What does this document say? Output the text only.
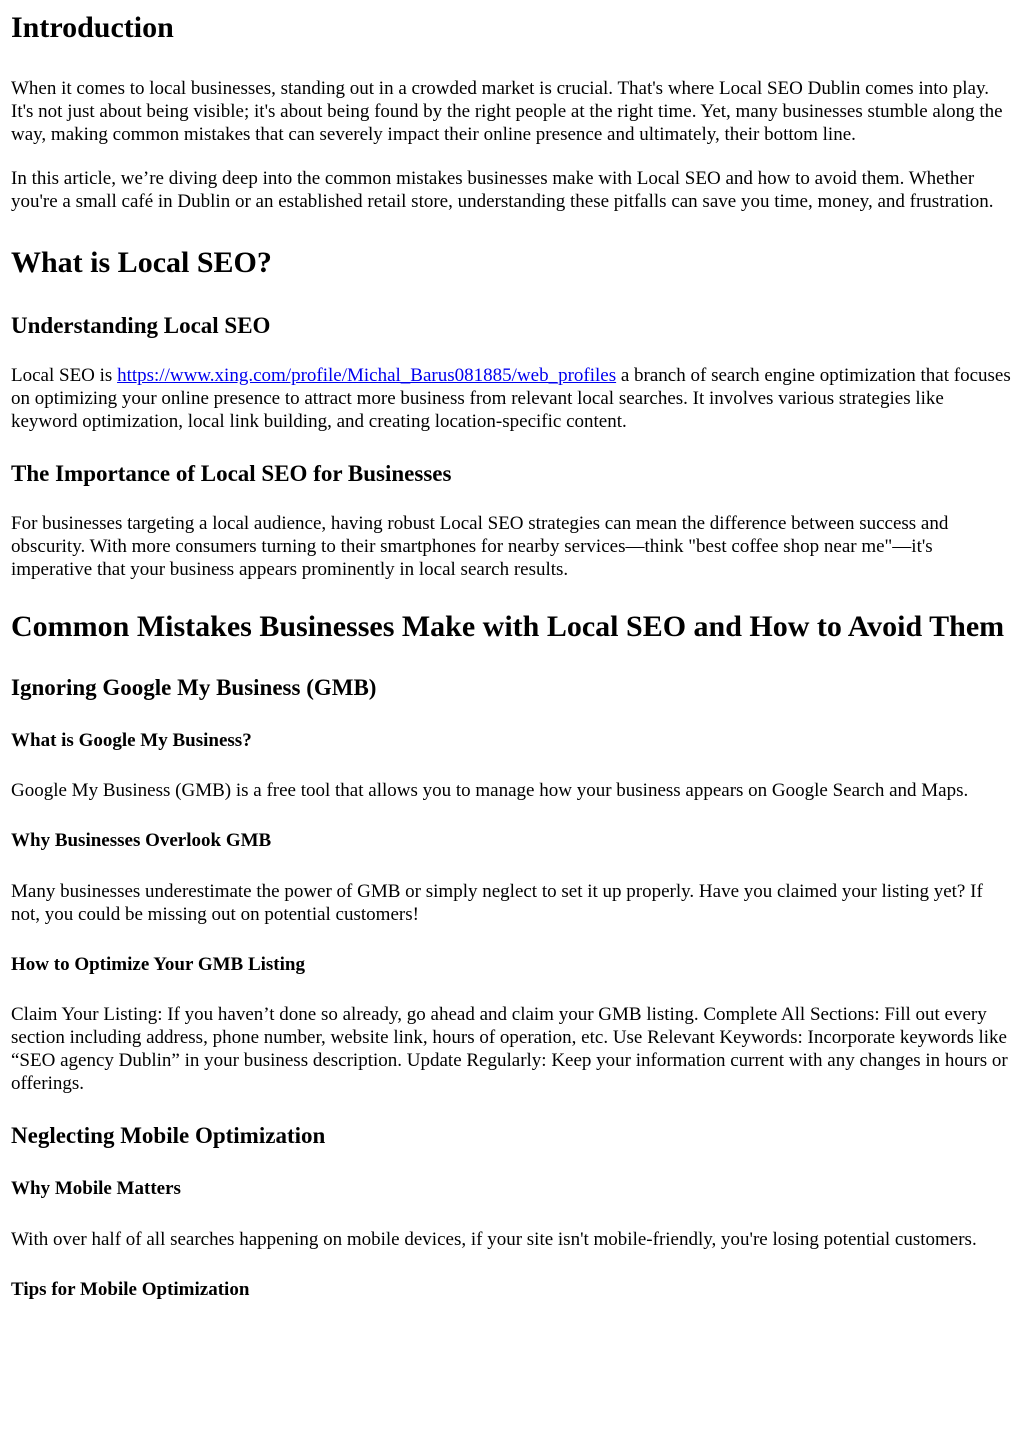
Introduction

When it comes to local businesses, standing out in a crowded market is crucial. That's where Local SEO Dublin comes into play. It's not just about being visible; it's about being found by the right people at the right time. Yet, many businesses stumble along the way, making common mistakes that can severely impact their online presence and ultimately, their bottom line.

In this article, we’re diving deep into the common mistakes businesses make with Local SEO and how to avoid them. Whether you're a small café in Dublin or an established retail store, understanding these pitfalls can save you time, money, and frustration.

What is Local SEO?
Understanding Local SEO

Local SEO is https://www.xing.com/profile/Michal_Barus081885/web_profiles a branch of search engine optimization that focuses on optimizing your online presence to attract more business from relevant local searches. It involves various strategies like keyword optimization, local link building, and creating location-specific content.

The Importance of Local SEO for Businesses

For businesses targeting a local audience, having robust Local SEO strategies can mean the difference between success and obscurity. With more consumers turning to their smartphones for nearby services—think "best coffee shop near me"—it's imperative that your business appears prominently in local search results.

Common Mistakes Businesses Make with Local SEO and How to Avoid Them
Ignoring Google My Business (GMB)
What is Google My Business?

Google My Business (GMB) is a free tool that allows you to manage how your business appears on Google Search and Maps.

Why Businesses Overlook GMB

Many businesses underestimate the power of GMB or simply neglect to set it up properly. Have you claimed your listing yet? If not, you could be missing out on potential customers!

How to Optimize Your GMB Listing

Claim Your Listing: If you haven’t done so already, go ahead and claim your GMB listing. Complete All Sections: Fill out every section including address, phone number, website link, hours of operation, etc. Use Relevant Keywords: Incorporate keywords like “SEO agency Dublin” in your business description. Update Regularly: Keep your information current with any changes in hours or offerings.

Neglecting Mobile Optimization
Why Mobile Matters

With over half of all searches happening on mobile devices, if your site isn't mobile-friendly, you're losing potential customers.

Tips for Mobile Optimization
